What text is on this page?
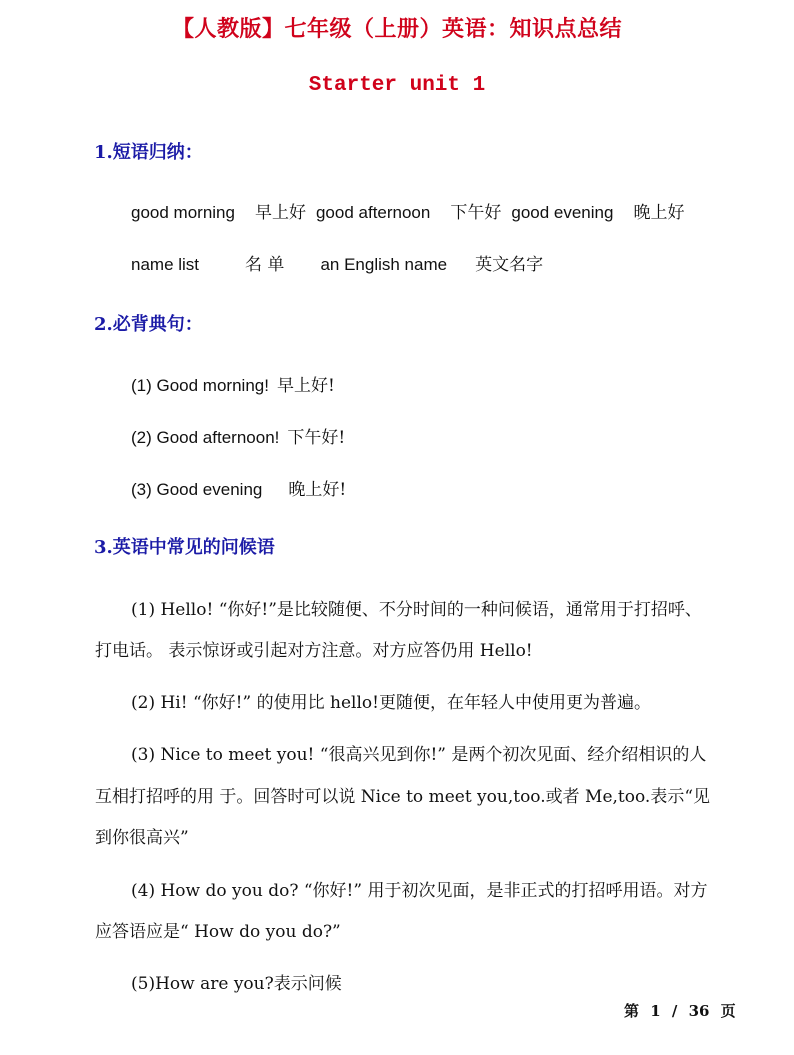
【人教版】七年级（上册）英语：知识点总结
Starter unit 1
1.短语归纳：
good morning 早上好 good afternoon 下午好 good evening 晚上好
name list	名 单 an English name 英文名字
2.必背典句：
(1) Good morning! 早上好!
(2) Good afternoon! 下午好!
(3) Good evening 晚上好!
3.英语中常见的问候语
(1) Hello! “你好!”是比较随便、不分时间的一种问候语，通常用于打招呼、
打电话。 表示惊讶或引起对方注意。对方应答仍用 Hello!
(2) Hi! “你好!” 的使用比 hello!更随便，在年轻人中使用更为普遍。
(3) Nice to meet you! “很高兴见到你!” 是两个初次见面、经介绍相识的人
互相打招呼的用 于。回答时可以说 Nice to meet you,too.或者 Me,too.表示“见
到你很高兴”
(4) How do you do? “你好!” 用于初次见面，是非正式的打招呼用语。对方
应答语应是“ How do you do?”
(5)How are you?表示问候
第 1 / 36 页
